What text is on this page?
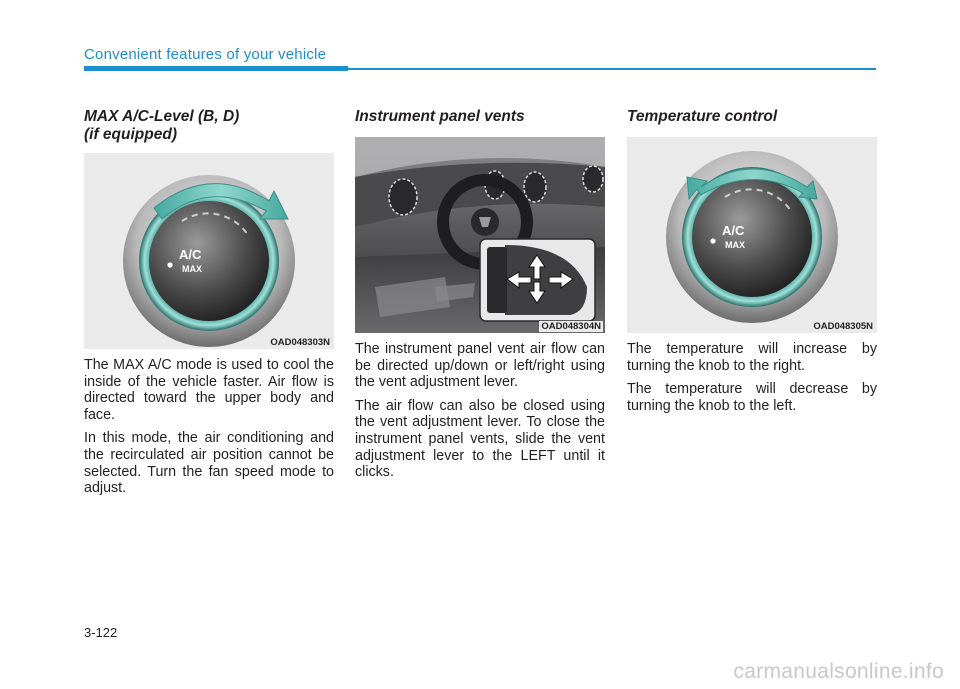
Convenient features of your vehicle
MAX A/C-Level (B, D)
(if equipped)
A/C
MAX
OAD048303N

The MAX A/C mode is used to cool the inside of the vehicle faster. Air flow is directed toward the upper body and face.

In this mode, the air conditioning and the recirculated air position cannot be selected. Turn the fan speed mode to adjust.

Instrument panel vents
OAD048304N

The instrument panel vent air flow can be directed up/down or left/right using the vent adjustment lever.

The air flow can also be closed using the vent adjustment lever. To close the instrument panel vents, slide the vent adjustment lever to the LEFT until it clicks.

Temperature control
A/C
MAX
OAD048305N

The temperature will increase by turning the knob to the right.

The temperature will decrease by turning the knob to the left.

3-122
carmanualsonline.info
